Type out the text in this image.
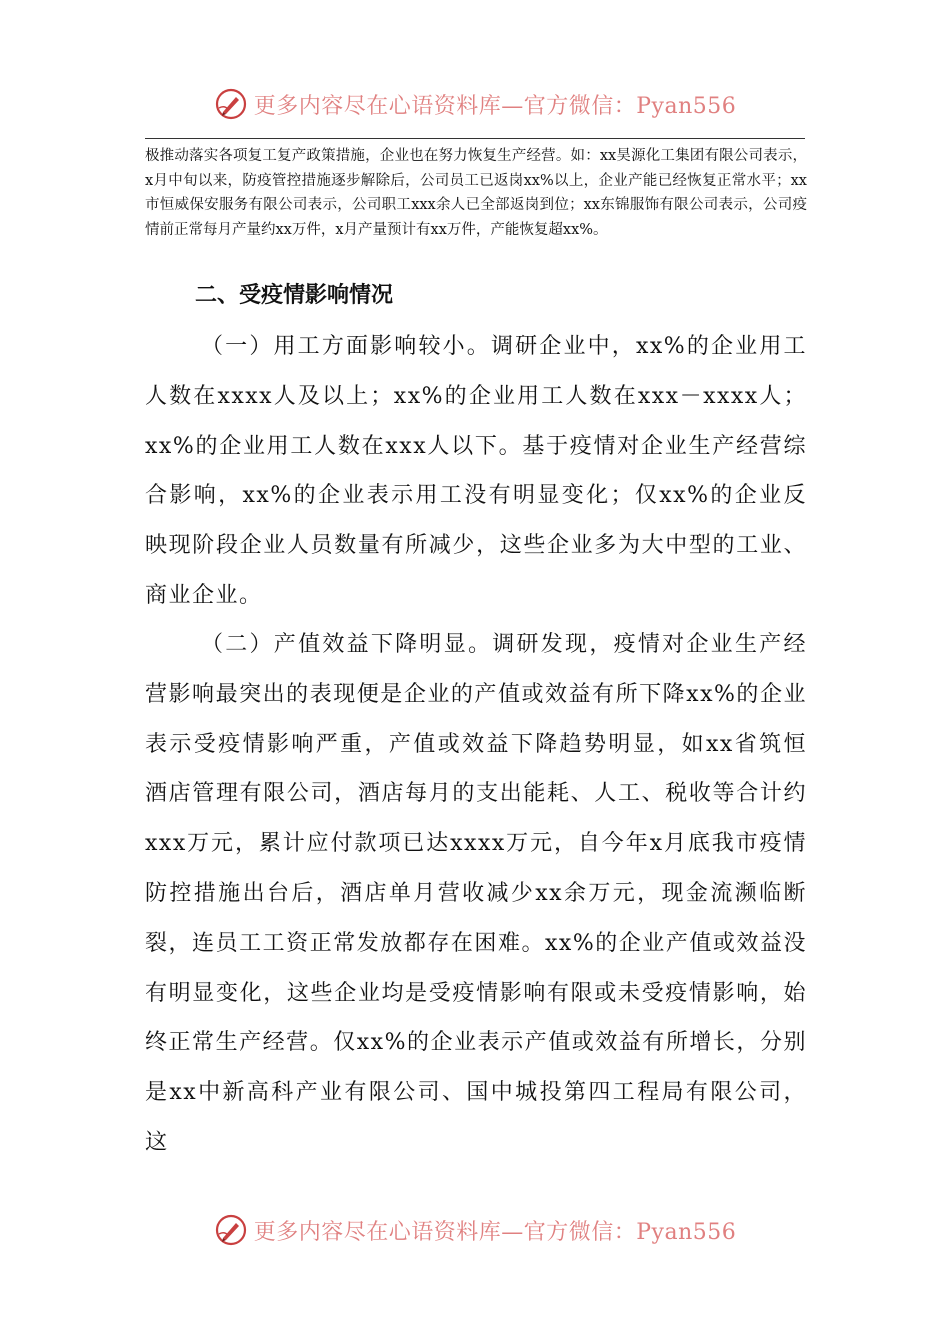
更多内容尽在心语资料库—官方微信：Pyan556

极推动落实各项复工复产政策措施，企业也在努力恢复生产经营。如：xx昊源化工集团有限公司表示，x月中旬以来，防疫管控措施逐步解除后，公司员工已返岗xx%以上，企业产能已经恢复正常水平；xx市恒威保安服务有限公司表示，公司职工xxx余人已全部返岗到位；xx东锦服饰有限公司表示，公司疫情前正常每月产量约xx万件，x月产量预计有xx万件，产能恢复超xx%。

二、受疫情影响情况

（一）用工方面影响较小。调研企业中，xx%的企业用工人数在xxxx人及以上；xx%的企业用工人数在xxx－xxxx人；xx%的企业用工人数在xxx人以下。基于疫情对企业生产经营综合影响，xx%的企业表示用工没有明显变化；仅xx%的企业反映现阶段企业人员数量有所减少，这些企业多为大中型的工业、商业企业。

（二）产值效益下降明显。调研发现，疫情对企业生产经营影响最突出的表现便是企业的产值或效益有所下降xx%的企业表示受疫情影响严重，产值或效益下降趋势明显，如xx省筑恒酒店管理有限公司，酒店每月的支出能耗、人工、税收等合计约xxx万元，累计应付款项已达xxxx万元，自今年x月底我市疫情防控措施出台后，酒店单月营收减少xx余万元，现金流濒临断裂，连员工工资正常发放都存在困难。xx%的企业产值或效益没有明显变化，这些企业均是受疫情影响有限或未受疫情影响，始终正常生产经营。仅xx%的企业表示产值或效益有所增长，分别是xx中新高科产业有限公司、国中城投第四工程局有限公司，这

更多内容尽在心语资料库—官方微信：Pyan556
